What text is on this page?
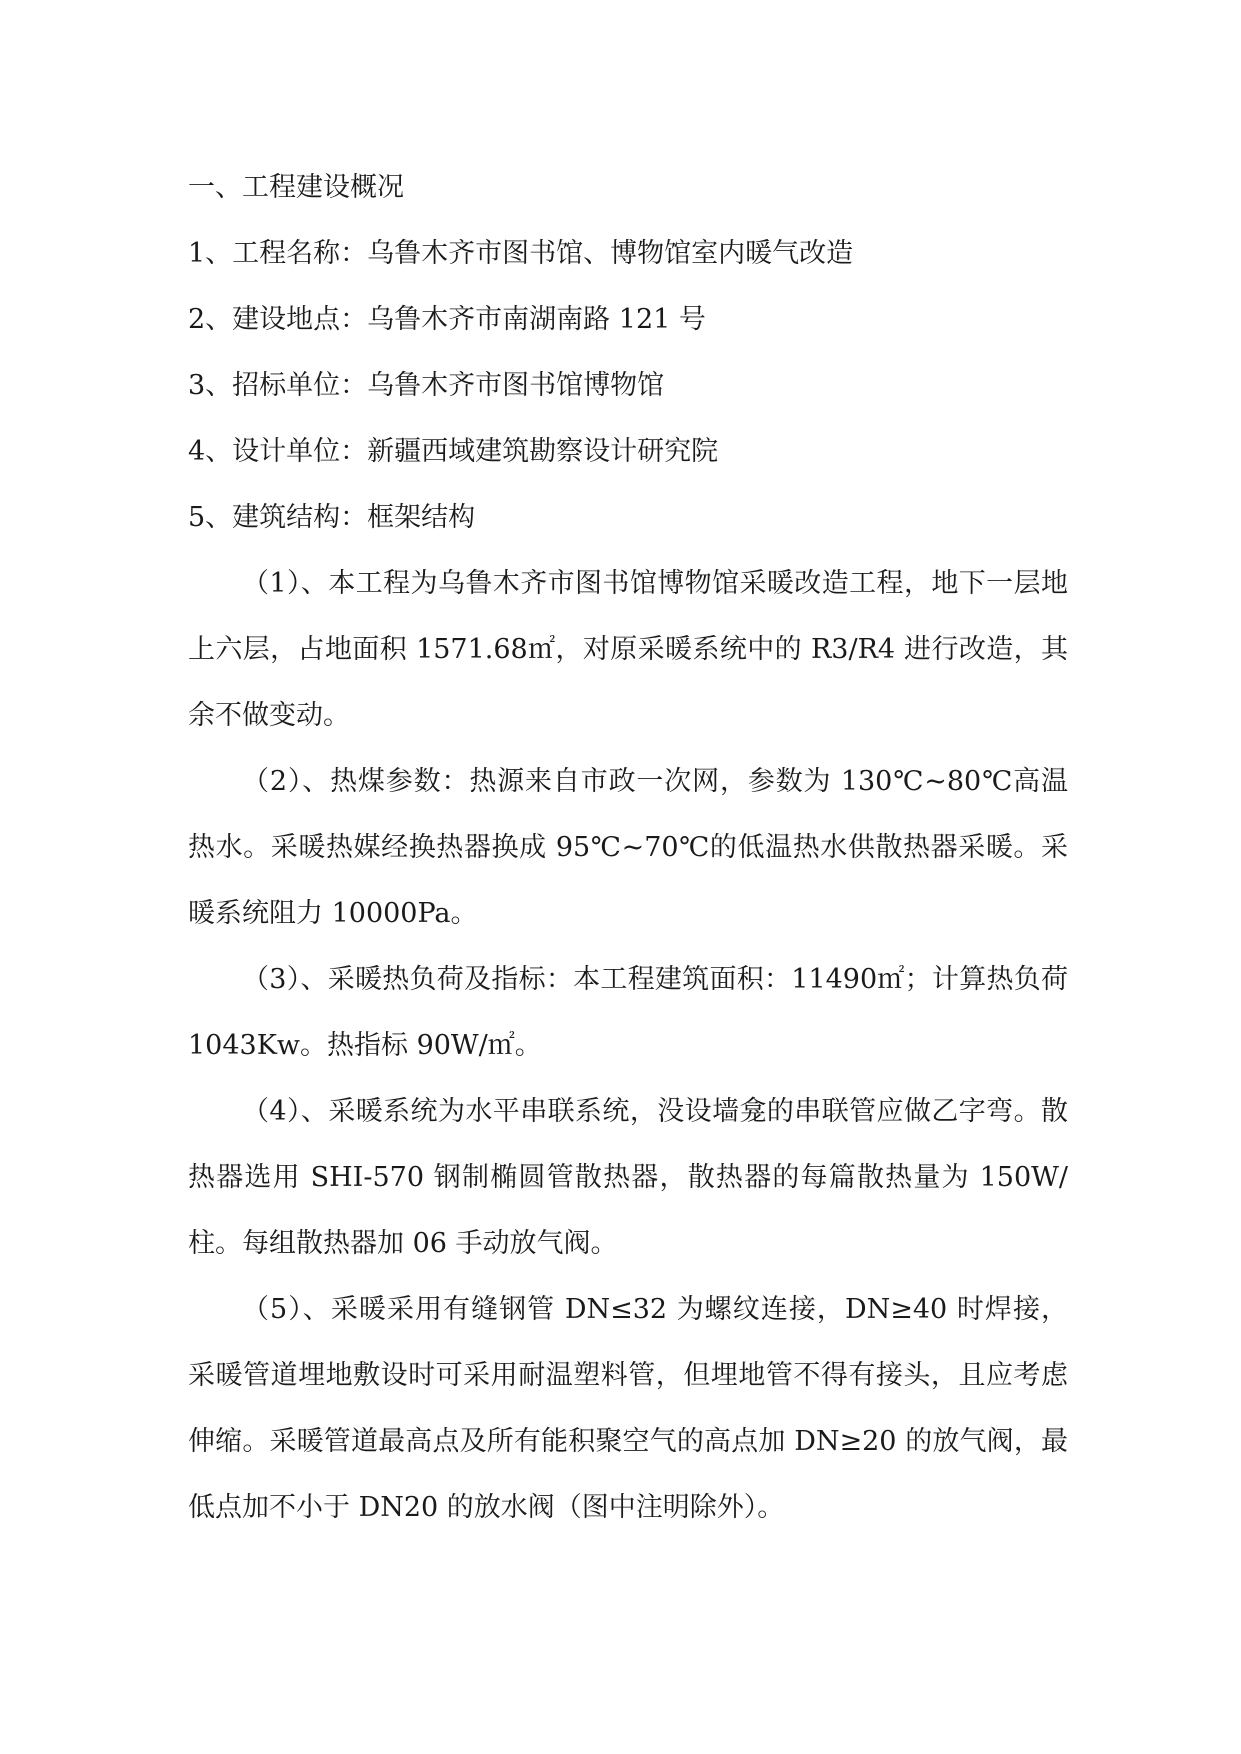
一、工程建设概况

1、工程名称：乌鲁木齐市图书馆、博物馆室内暖气改造

2、建设地点：乌鲁木齐市南湖南路 121 号

3、招标单位：乌鲁木齐市图书馆博物馆

4、设计单位：新疆西域建筑勘察设计研究院

5、建筑结构：框架结构

（1）、本工程为乌鲁木齐市图书馆博物馆采暖改造工程，地下一层地上六层，占地面积 1571.68㎡，对原采暖系统中的 R3/R4 进行改造，其余不做变动。

（2）、热煤参数：热源来自市政一次网，参数为 130℃~80℃高温热水。采暖热媒经换热器换成 95℃~70℃的低温热水供散热器采暖。采暖系统阻力 10000Pa。

（3）、采暖热负荷及指标：本工程建筑面积：11490㎡；计算热负荷 1043Kw。热指标 90W/㎡。

（4）、采暖系统为水平串联系统，没设墙龛的串联管应做乙字弯。散热器选用 SHI-570 钢制椭圆管散热器，散热器的每篇散热量为 150W/柱。每组散热器加 06 手动放气阀。

（5）、采暖采用有缝钢管 DN≤32 为螺纹连接，DN≥40 时焊接，采暖管道埋地敷设时可采用耐温塑料管，但埋地管不得有接头，且应考虑伸缩。采暖管道最高点及所有能积聚空气的高点加 DN≥20 的放气阀，最低点加不小于 DN20 的放水阀（图中注明除外）。
